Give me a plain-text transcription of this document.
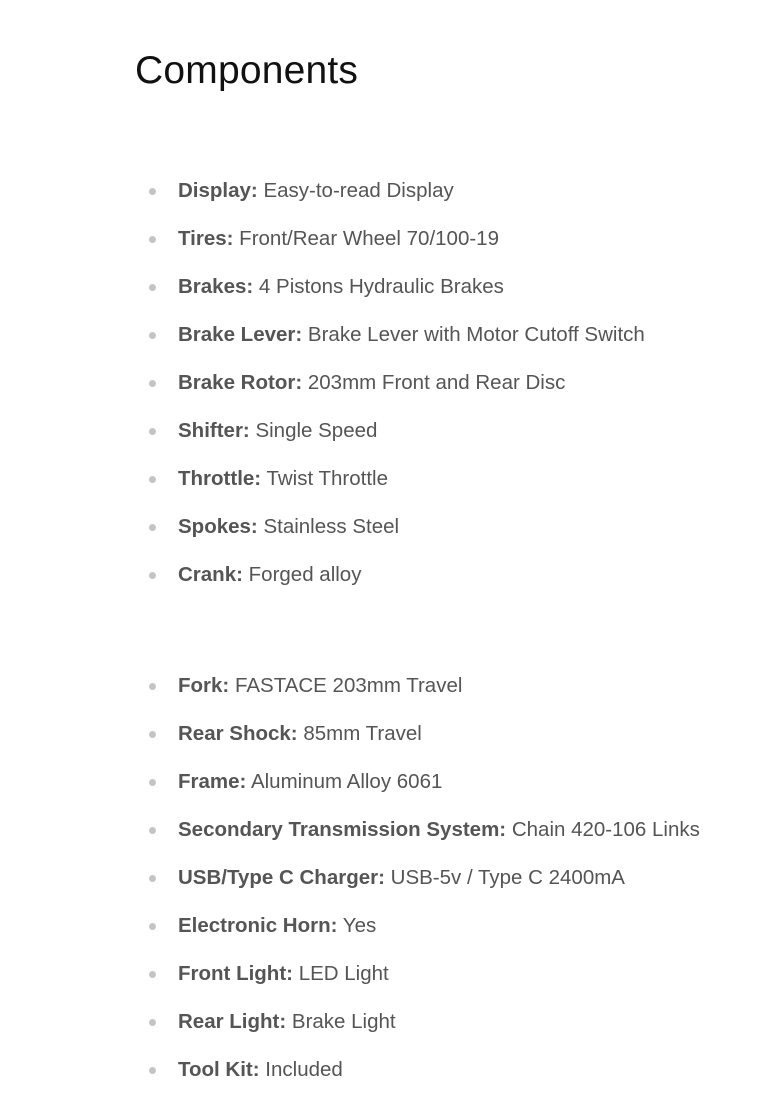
Components
Display: Easy-to-read Display
Tires: Front/Rear Wheel 70/100-19
Brakes: 4 Pistons Hydraulic Brakes
Brake Lever: Brake Lever with Motor Cutoff Switch
Brake Rotor: 203mm Front and Rear Disc
Shifter: Single Speed
Throttle: Twist Throttle
Spokes: Stainless Steel
Crank: Forged alloy
Fork: FASTACE 203mm Travel
Rear Shock: 85mm Travel
Frame: Aluminum Alloy 6061
Secondary Transmission System: Chain 420-106 Links
USB/Type C Charger: USB-5v / Type C 2400mA
Electronic Horn: Yes
Front Light: LED Light
Rear Light: Brake Light
Tool Kit: Included
